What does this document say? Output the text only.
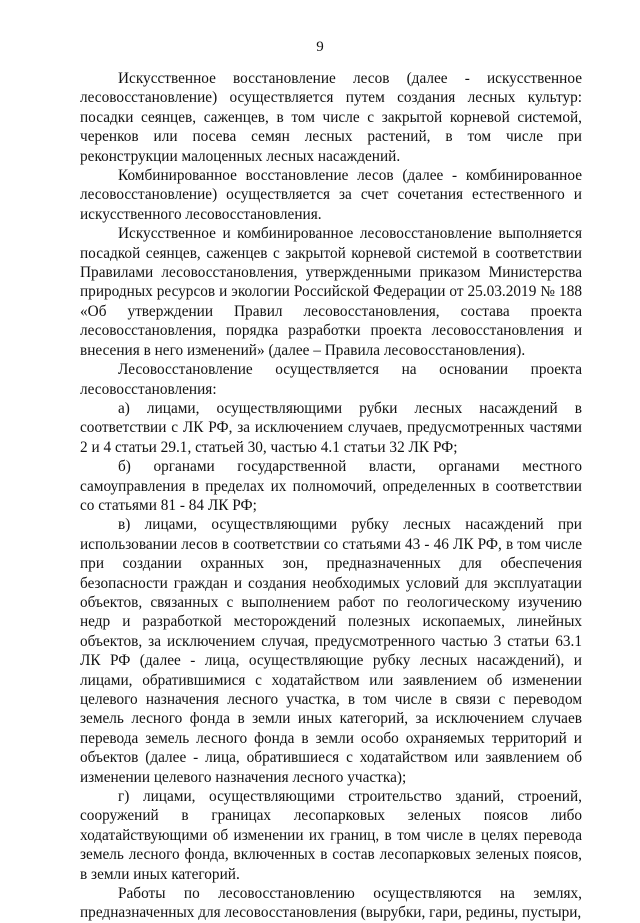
9

Искусственное восстановление лесов (далее - искусственное лесовосстановление) осуществляется путем создания лесных культур: посадки сеянцев, саженцев, в том числе с закрытой корневой системой, черенков или посева семян лесных растений, в том числе при реконструкции малоценных лесных насаждений.

Комбинированное восстановление лесов (далее - комбинированное лесовосстановление) осуществляется за счет сочетания естественного и искусственного лесовосстановления.

Искусственное и комбинированное лесовосстановление выполняется посадкой сеянцев, саженцев с закрытой корневой системой в соответствии Правилами лесовосстановления, утвержденными приказом Министерства природных ресурсов и экологии Российской Федерации от 25.03.2019 № 188 «Об утверждении Правил лесовосстановления, состава проекта лесовосстановления, порядка разработки проекта лесовосстановления и внесения в него изменений» (далее – Правила лесовосстановления).

Лесовосстановление осуществляется на основании проекта лесовосстановления:

а) лицами, осуществляющими рубки лесных насаждений в соответствии с ЛК РФ, за исключением случаев, предусмотренных частями 2 и 4 статьи 29.1, статьей 30, частью 4.1 статьи 32 ЛК РФ;

б) органами государственной власти, органами местного самоуправления в пределах их полномочий, определенных в соответствии со статьями 81 - 84 ЛК РФ;

в) лицами, осуществляющими рубку лесных насаждений при использовании лесов в соответствии со статьями 43 - 46 ЛК РФ, в том числе при создании охранных зон, предназначенных для обеспечения безопасности граждан и создания необходимых условий для эксплуатации объектов, связанных с выполнением работ по геологическому изучению недр и разработкой месторождений полезных ископаемых, линейных объектов, за исключением случая, предусмотренного частью 3 статьи 63.1 ЛК РФ (далее - лица, осуществляющие рубку лесных насаждений), и лицами, обратившимися с ходатайством или заявлением об изменении целевого назначения лесного участка, в том числе в связи с переводом земель лесного фонда в земли иных категорий, за исключением случаев перевода земель лесного фонда в земли особо охраняемых территорий и объектов (далее - лица, обратившиеся с ходатайством или заявлением об изменении целевого назначения лесного участка);

г) лицами, осуществляющими строительство зданий, строений, сооружений в границах лесопарковых зеленых поясов либо ходатайствующими об изменении их границ, в том числе в целях перевода земель лесного фонда, включенных в состав лесопарковых зеленых поясов, в земли иных категорий.

Работы по лесовосстановлению осуществляются на землях, предназначенных для лесовосстановления (вырубки, гари, редины, пустыри,
